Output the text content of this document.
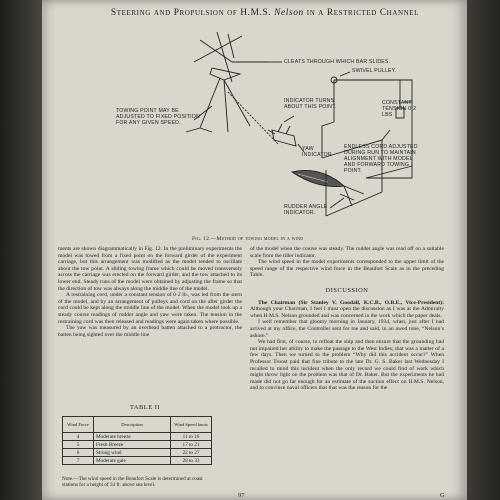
Steering and Propulsion of H.M.S. Nelson in a Restricted Channel
CLEATS THROUGH WHICH BAR SLIDES.
SWIVEL PULLEY.
TOWING POINT MAY BE ADJUSTED TO FIXED POSITION FOR ANY GIVEN SPEED.
INDICATOR TURNS ABOUT THIS POINT.
CONSTANT TENSION 0·2 LBS
YAW INDICATOR
ENDLESS CORD ADJUSTED DURING RUN TO MAINTAIN ALIGNMENT WITH MODEL AND FORWARD TOWING POINT.
RUDDER ANGLE INDICATOR.
Fig. 12.—Method of towing model in a wind

ments are shown diagrammatically in Fig. 12. In the preliminary experiments the model was towed from a fixed point on the forward girder of the experiment carriage, but this arrangement was modified as the model tended to oscillate about the tow point. A sliding towing frame which could be moved transversely across the carriage was erected on the forward girder, and the tow attached to its lower end. Steady runs of the model were obtained by adjusting the frame so that the direction of tow was always along the middle line of the model.

A restraining cord, under a constant tension of 0·2 lb., was led from the stern of the model, and by an arrangement of pulleys and cord on the after girder the cord could be kept along the middle line of the model. When the model took up a steady course readings of rudder angle and yaw were taken. The tension in the restraining cord was then released and readings were again taken where possible.

The yaw was measured by an overhead batten attached to a protractor, the batten being sighted over the middle line

TABLE II
Wind Force	Description	Wind Speed knots
4	Moderate breeze	11 to 16
5	Fresh Breeze	17 to 21
6	Strong wind	22 to 27
7	Moderate gale	28 to 33
Note.—The wind speed in the Beaufort Scale is determined at coast stations for a height of 33 ft. above sea level.

of the model when the course was steady. The rudder angle was read off on a suitable scale from the tiller indicator.

The wind speed in the model experiments corresponded to the upper limit of the speed range of the respective wind force in the Beaufort Scale as in the preceding Table.

DISCUSSION

The Chairman (Sir Stanley V. Goodall, K.C.B., O.B.E., Vice-President): Although your Chairman, I feel I must open the discussion as I was at the Admiralty when H.M.S. Nelson grounded and was concerned in the work which the paper deals.

I well remember that gloomy morning in January, 1934, when, just after I had arrived at my office, the Controller sent for me and said, in an awed tone, “Nelson’s ashore.”

We had first, of course, to refloat the ship and then ensure that the grounding had not impaired her ability to make the passage to the West Indies; that was a matter of a few days. Then we turned to the problem “Why did this accident occur?” When Professor Troost paid that fine tribute to the late Dr. G. S. Baker last Wednesday I recalled to mind this incident when the only record we could find of work which might throw light on the problem was that of Dr. Baker. But the experiments he had made did not go far enough for an estimate of the suction effect on H.M.S. Nelson, and to convince naval officers that that was the reason for the

97	G
